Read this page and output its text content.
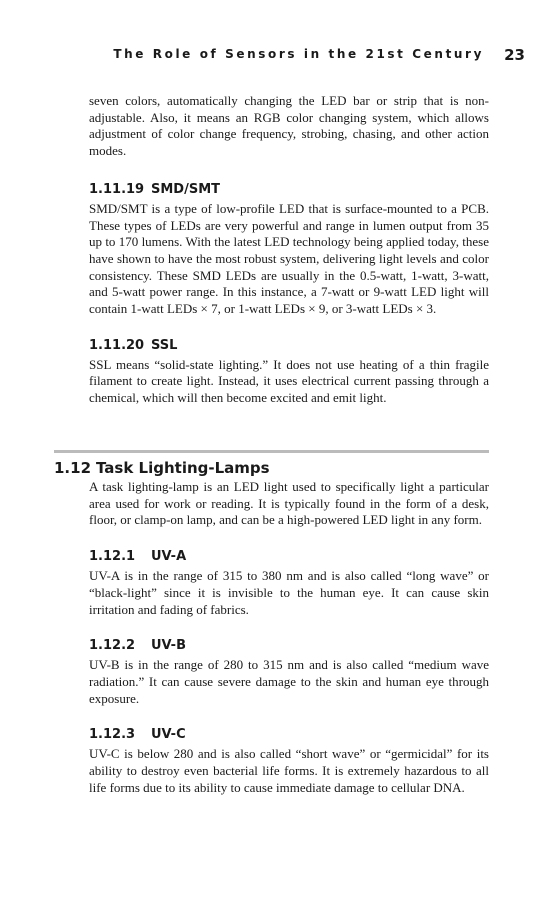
The Role of Sensors in the 21st Century 23

seven colors, automatically changing the LED bar or strip that is non-adjustable. Also, it means an RGB color changing system, which allows adjustment of color change frequency, strobing, chasing, and other action modes.

1.11.19 SMD/SMT

SMD/SMT is a type of low-profile LED that is surface-mounted to a PCB. These types of LEDs are very powerful and range in lumen output from 35 up to 170 lumens. With the latest LED technology being applied today, these have shown to have the most robust system, delivering light levels and color consistency. These SMD LEDs are usually in the 0.5-watt, 1-watt, 3-watt, and 5-watt power range. In this instance, a 7-watt or 9-watt LED light will contain 1-watt LEDs × 7, or 1-watt LEDs × 9, or 3-watt LEDs × 3.

1.11.20 SSL

SSL means “solid-state lighting.” It does not use heating of a thin fragile filament to create light. Instead, it uses electrical current passing through a chemical, which will then become excited and emit light.

1.12 Task Lighting-Lamps

A task lighting-lamp is an LED light used to specifically light a particular area used for work or reading. It is typically found in the form of a desk, floor, or clamp-on lamp, and can be a high-powered LED light in any form.

1.12.1 UV-A

UV-A is in the range of 315 to 380 nm and is also called “long wave” or “black-light” since it is invisible to the human eye. It can cause skin irritation and fading of fabrics.

1.12.2 UV-B

UV-B is in the range of 280 to 315 nm and is also called “medium wave radiation.” It can cause severe damage to the skin and human eye through exposure.

1.12.3 UV-C

UV-C is below 280 and is also called “short wave” or “germicidal” for its ability to destroy even bacterial life forms. It is extremely hazardous to all life forms due to its ability to cause immediate damage to cellular DNA.
